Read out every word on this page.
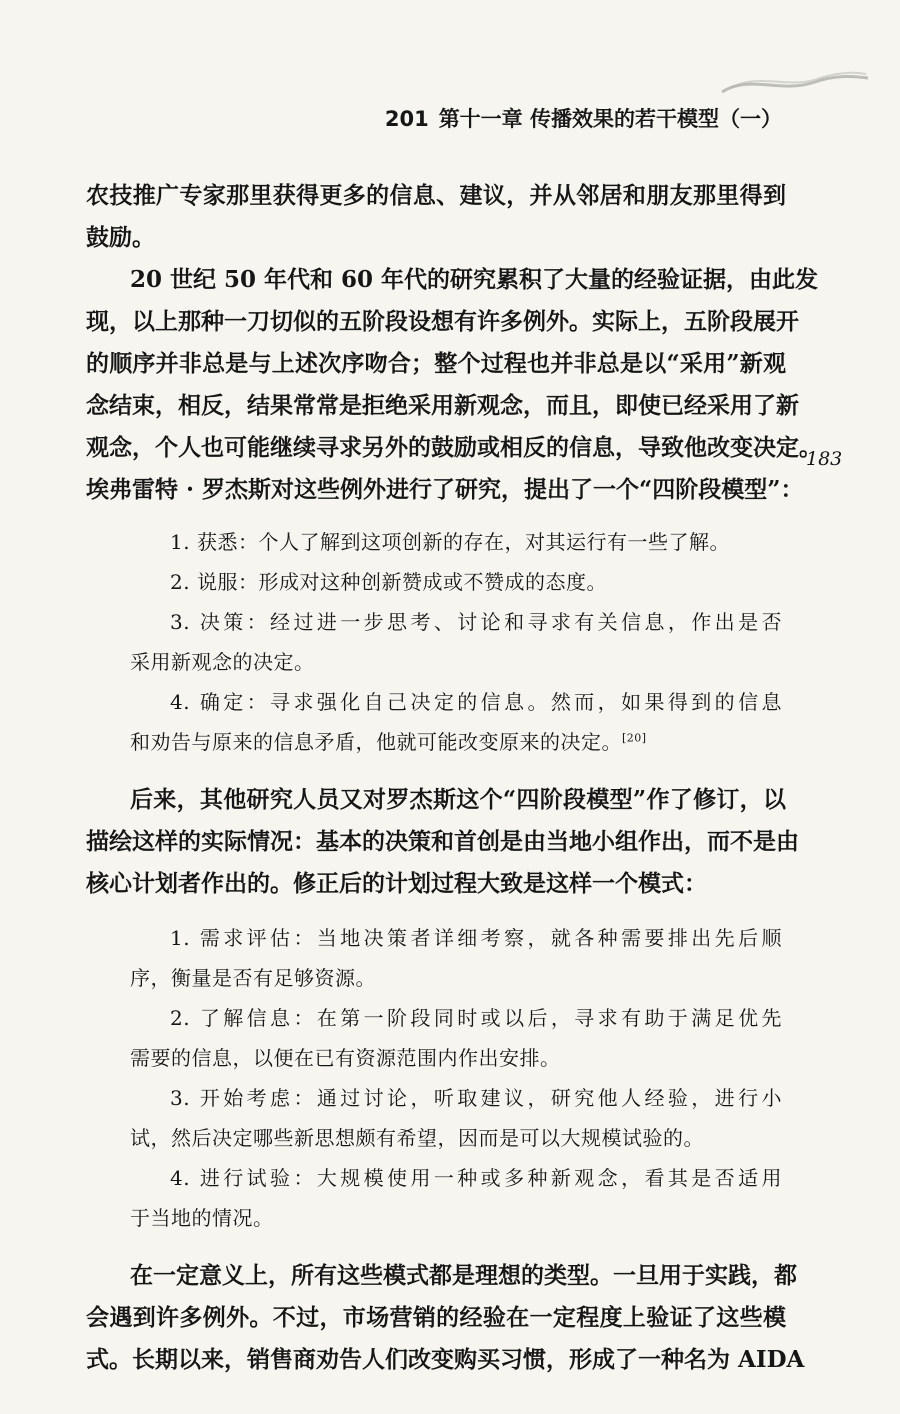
201 第十一章 传播效果的若干模型（一）
183
农技推广专家那里获得更多的信息、建议，并从邻居和朋友那里得到
鼓励。
20 世纪 50 年代和 60 年代的研究累积了大量的经验证据，由此发
现，以上那种一刀切似的五阶段设想有许多例外。实际上，五阶段展开
的顺序并非总是与上述次序吻合；整个过程也并非总是以“采用”新观
念结束，相反，结果常常是拒绝采用新观念，而且，即使已经采用了新
观念，个人也可能继续寻求另外的鼓励或相反的信息，导致他改变决定。
埃弗雷特 · 罗杰斯对这些例外进行了研究，提出了一个“四阶段模型”：
1. 获悉：个人了解到这项创新的存在，对其运行有一些了解。
2. 说服：形成对这种创新赞成或不赞成的态度。
3. 决策：经过进一步思考、讨论和寻求有关信息，作出是否
采用新观念的决定。
4. 确定：寻求强化自己决定的信息。然而，如果得到的信息
和劝告与原来的信息矛盾，他就可能改变原来的决定。[20]
后来，其他研究人员又对罗杰斯这个“四阶段模型”作了修订，以
描绘这样的实际情况：基本的决策和首创是由当地小组作出，而不是由
核心计划者作出的。修正后的计划过程大致是这样一个模式：
1. 需求评估：当地决策者详细考察，就各种需要排出先后顺
序，衡量是否有足够资源。
2. 了解信息：在第一阶段同时或以后，寻求有助于满足优先
需要的信息，以便在已有资源范围内作出安排。
3. 开始考虑：通过讨论，听取建议，研究他人经验，进行小
试，然后决定哪些新思想颇有希望，因而是可以大规模试验的。
4. 进行试验：大规模使用一种或多种新观念，看其是否适用
于当地的情况。
在一定意义上，所有这些模式都是理想的类型。一旦用于实践，都
会遇到许多例外。不过，市场营销的经验在一定程度上验证了这些模
式。长期以来，销售商劝告人们改变购买习惯，形成了一种名为 AIDA
